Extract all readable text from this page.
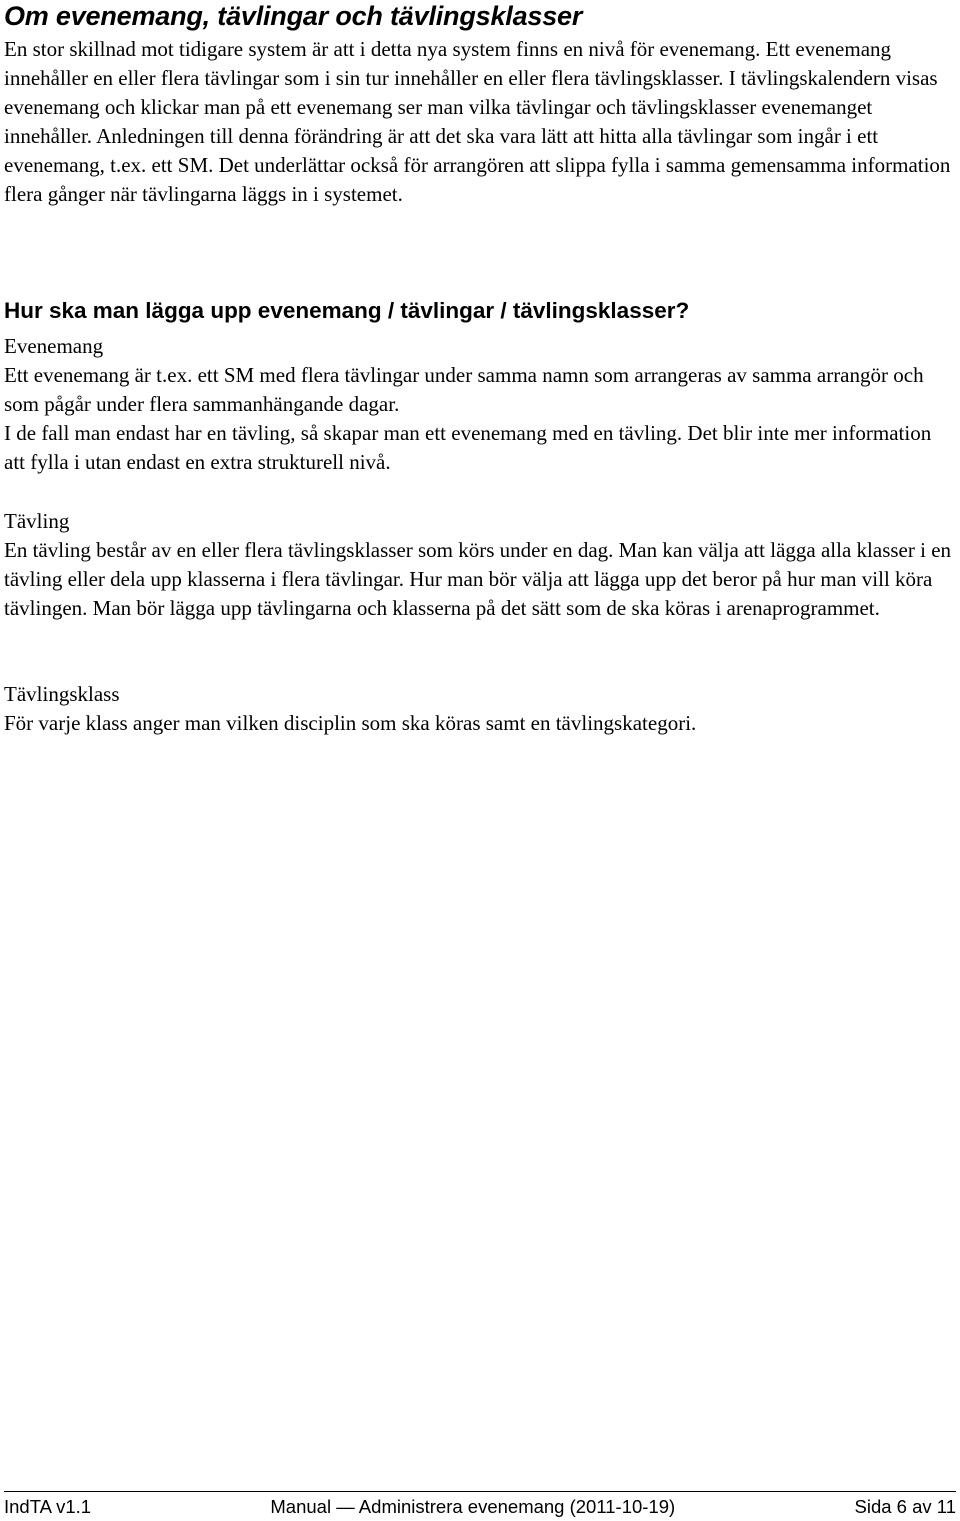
Om evenemang, tävlingar och tävlingsklasser

En stor skillnad mot tidigare system är att i detta nya system finns en nivå för evenemang. Ett evenemang innehåller en eller flera tävlingar som i sin tur innehåller en eller flera tävlingsklasser. I tävlingskalendern visas evenemang och klickar man på ett evenemang ser man vilka tävlingar och tävlingsklasser evenemanget innehåller. Anledningen till denna förändring är att det ska vara lätt att hitta alla tävlingar som ingår i ett evenemang, t.ex. ett SM. Det underlättar också för arrangören att slippa fylla i samma gemensamma information flera gånger när tävlingarna läggs in i systemet.

Hur ska man lägga upp evenemang / tävlingar / tävlingsklasser?

Evenemang

Ett evenemang är t.ex. ett SM med flera tävlingar under samma namn som arrangeras av samma arrangör och som pågår under flera sammanhängande dagar.

I de fall man endast har en tävling, så skapar man ett evenemang med en tävling. Det blir inte mer information att fylla i utan endast en extra strukturell nivå.

Tävling

En tävling består av en eller flera tävlingsklasser som körs under en dag. Man kan välja att lägga alla klasser i en tävling eller dela upp klasserna i flera tävlingar. Hur man bör välja att lägga upp det beror på hur man vill köra tävlingen. Man bör lägga upp tävlingarna och klasserna på det sätt som de ska köras i arenaprogrammet.

Tävlingsklass

För varje klass anger man vilken disciplin som ska köras samt en tävlingskategori.

IndTA v1.1	Manual — Administrera evenemang (2011-10-19)	Sida 6 av 11
